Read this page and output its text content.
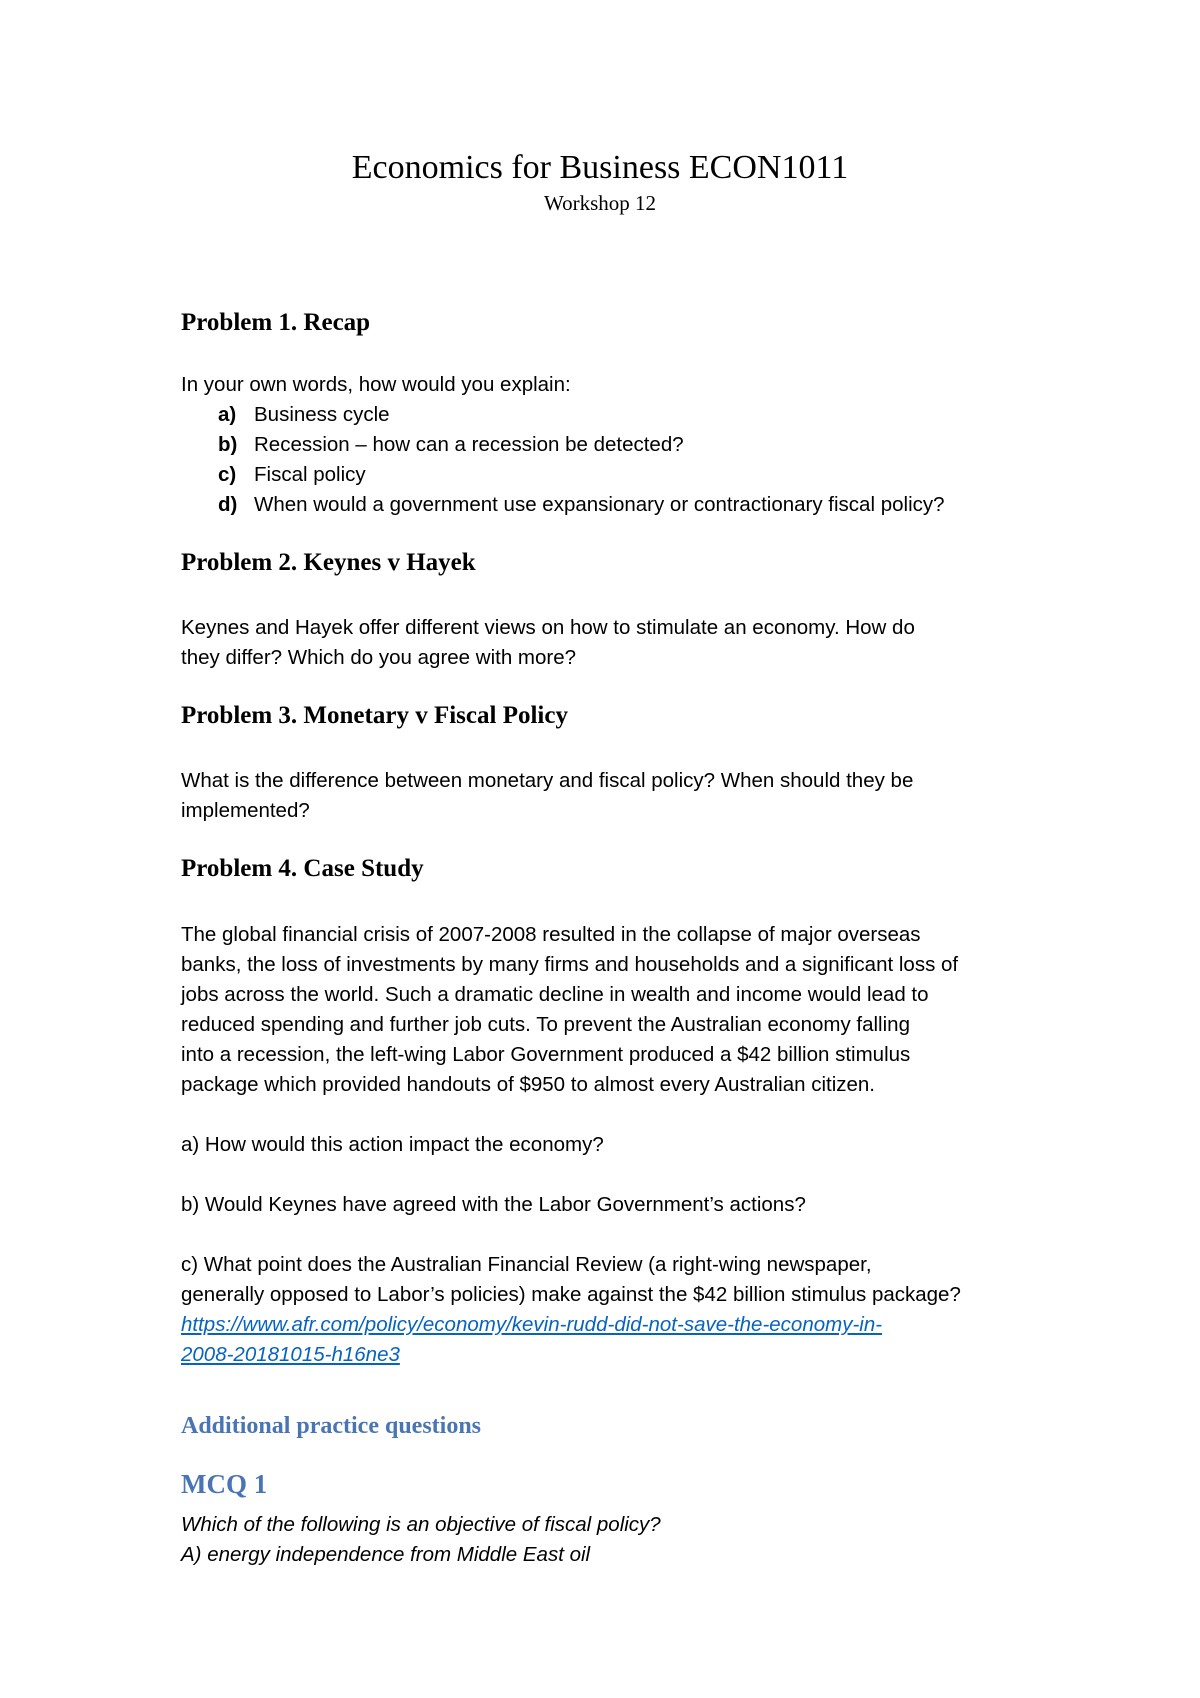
Economics for Business ECON1011
Workshop 12
Problem 1. Recap
In your own words, how would you explain:
a) Business cycle
b) Recession – how can a recession be detected?
c) Fiscal policy
d) When would a government use expansionary or contractionary fiscal policy?
Problem 2. Keynes v Hayek
Keynes and Hayek offer different views on how to stimulate an economy. How do
they differ? Which do you agree with more?
Problem 3. Monetary v Fiscal Policy
What is the difference between monetary and fiscal policy? When should they be
implemented?
Problem 4. Case Study
The global financial crisis of 2007-2008 resulted in the collapse of major overseas
banks, the loss of investments by many firms and households and a significant loss of
jobs across the world. Such a dramatic decline in wealth and income would lead to
reduced spending and further job cuts. To prevent the Australian economy falling
into a recession, the left-wing Labor Government produced a $42 billion stimulus
package which provided handouts of $950 to almost every Australian citizen.
a) How would this action impact the economy?
b) Would Keynes have agreed with the Labor Government’s actions?
c) What point does the Australian Financial Review (a right-wing newspaper,
generally opposed to Labor’s policies) make against the $42 billion stimulus package?
https://www.afr.com/policy/economy/kevin-rudd-did-not-save-the-economy-in-
2008-20181015-h16ne3
Additional practice questions
MCQ 1
Which of the following is an objective of fiscal policy?
A) energy independence from Middle East oil
